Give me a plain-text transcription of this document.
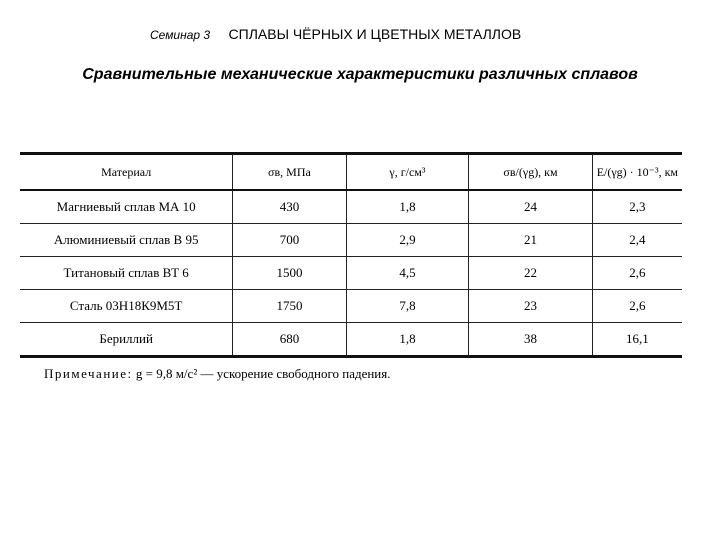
Семинар 3 СПЛАВЫ ЧЁРНЫХ И ЦВЕТНЫХ МЕТАЛЛОВ
Сравнительные механические характеристики различных сплавов
Материал	σв, МПа	γ, г/см³	σв/(γg), км	E/(γg) · 10⁻³, км
Магниевый сплав МА 10	430	1,8	24	2,3
Алюминиевый сплав В 95	700	2,9	21	2,4
Титановый сплав ВТ 6	1500	4,5	22	2,6
Сталь 03Н18К9М5Т	1750	7,8	23	2,6
Бериллий	680	1,8	38	16,1
Примечание: g = 9,8 м/с² — ускорение свободного падения.
